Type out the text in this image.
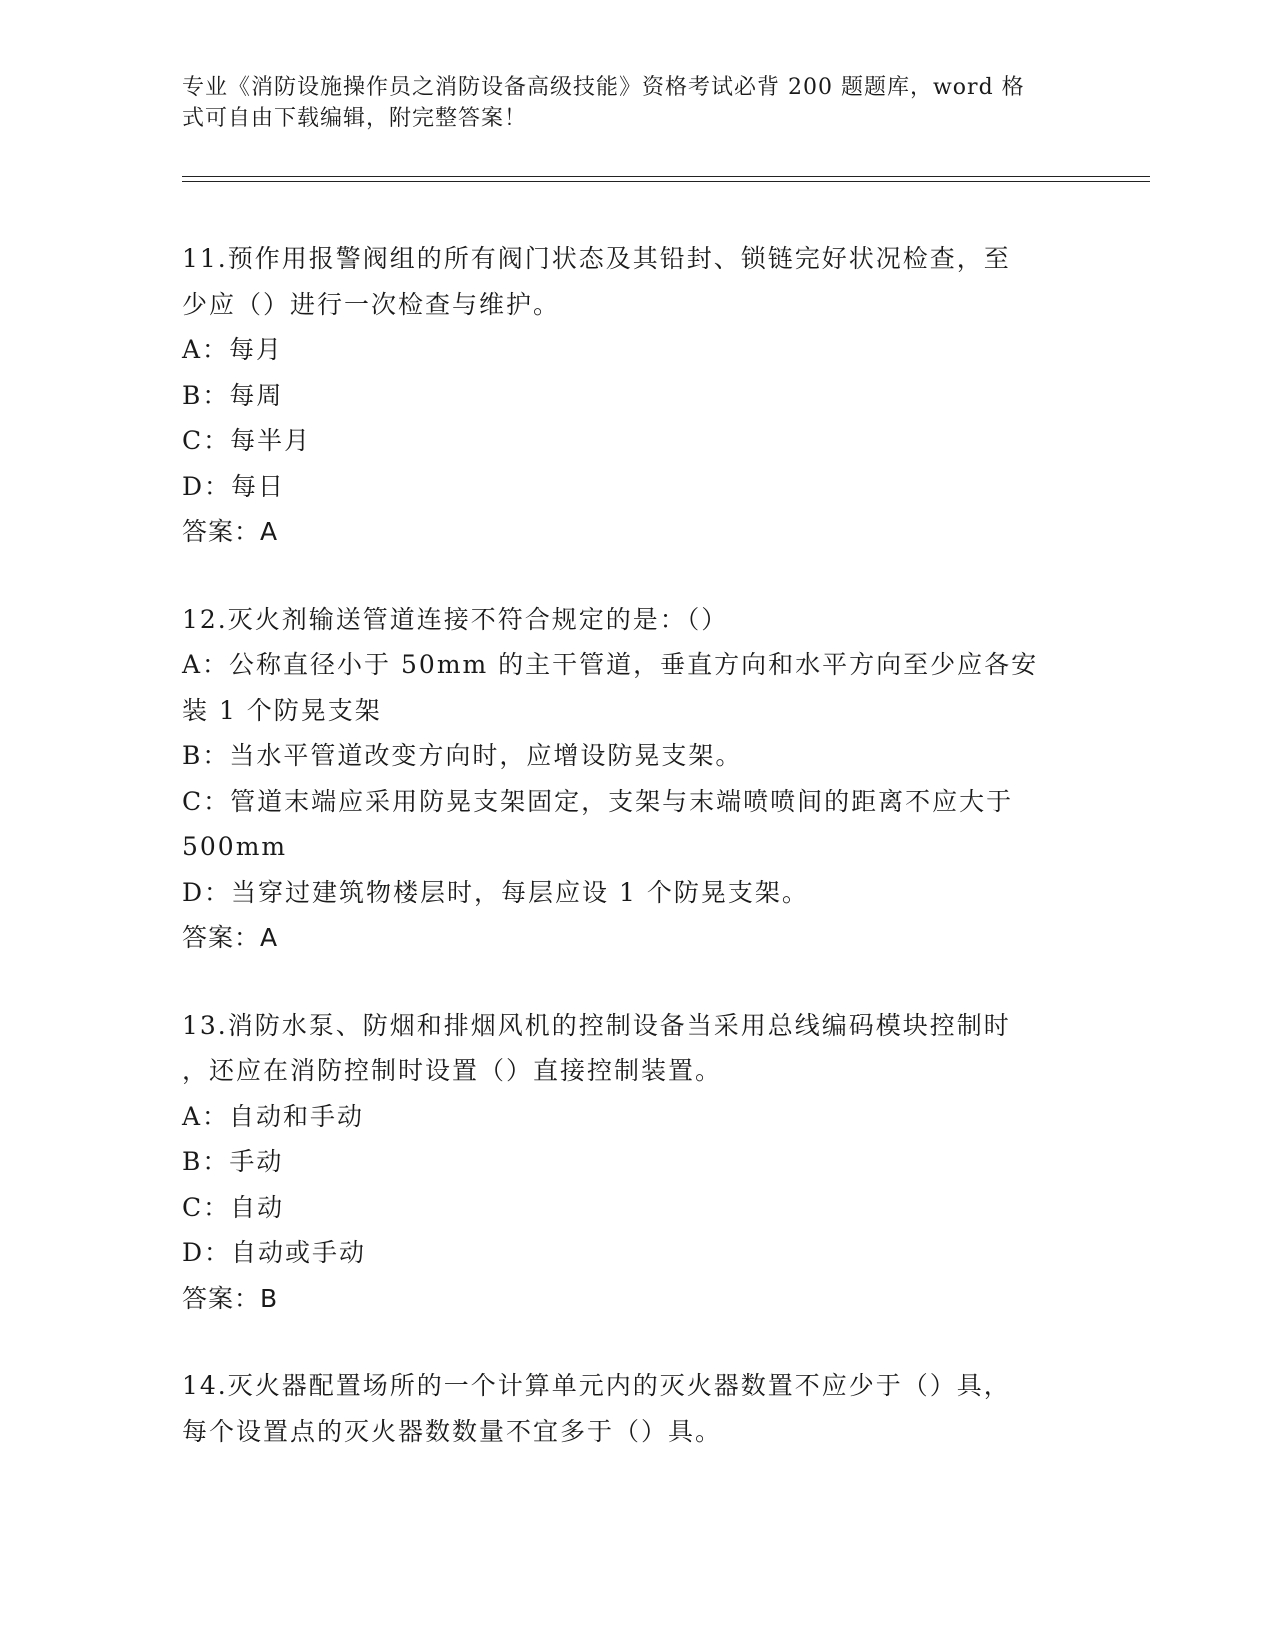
专业《消防设施操作员之消防设备高级技能》资格考试必背 200 题题库，word 格
式可自由下载编辑，附完整答案！
11.预作用报警阀组的所有阀门状态及其铅封、锁链完好状况检查，至
少应（）进行一次检查与维护。
A：每月
B：每周
C：每半月
D：每日
答案：A
12.灭火剂输送管道连接不符合规定的是：（）
A：公称直径小于 50mm 的主干管道，垂直方向和水平方向至少应各安
装 1 个防晃支架
B：当水平管道改变方向时，应增设防晃支架。
C：管道末端应采用防晃支架固定，支架与末端喷喷间的距离不应大于
500mm
D：当穿过建筑物楼层时，每层应设 1 个防晃支架。
答案：A
13.消防水泵、防烟和排烟风机的控制设备当采用总线编码模块控制时
，还应在消防控制时设置（）直接控制装置。
A：自动和手动
B：手动
C：自动
D：自动或手动
答案：B
14.灭火器配置场所的一个计算单元内的灭火器数置不应少于（）具，
每个设置点的灭火器数数量不宜多于（）具。
